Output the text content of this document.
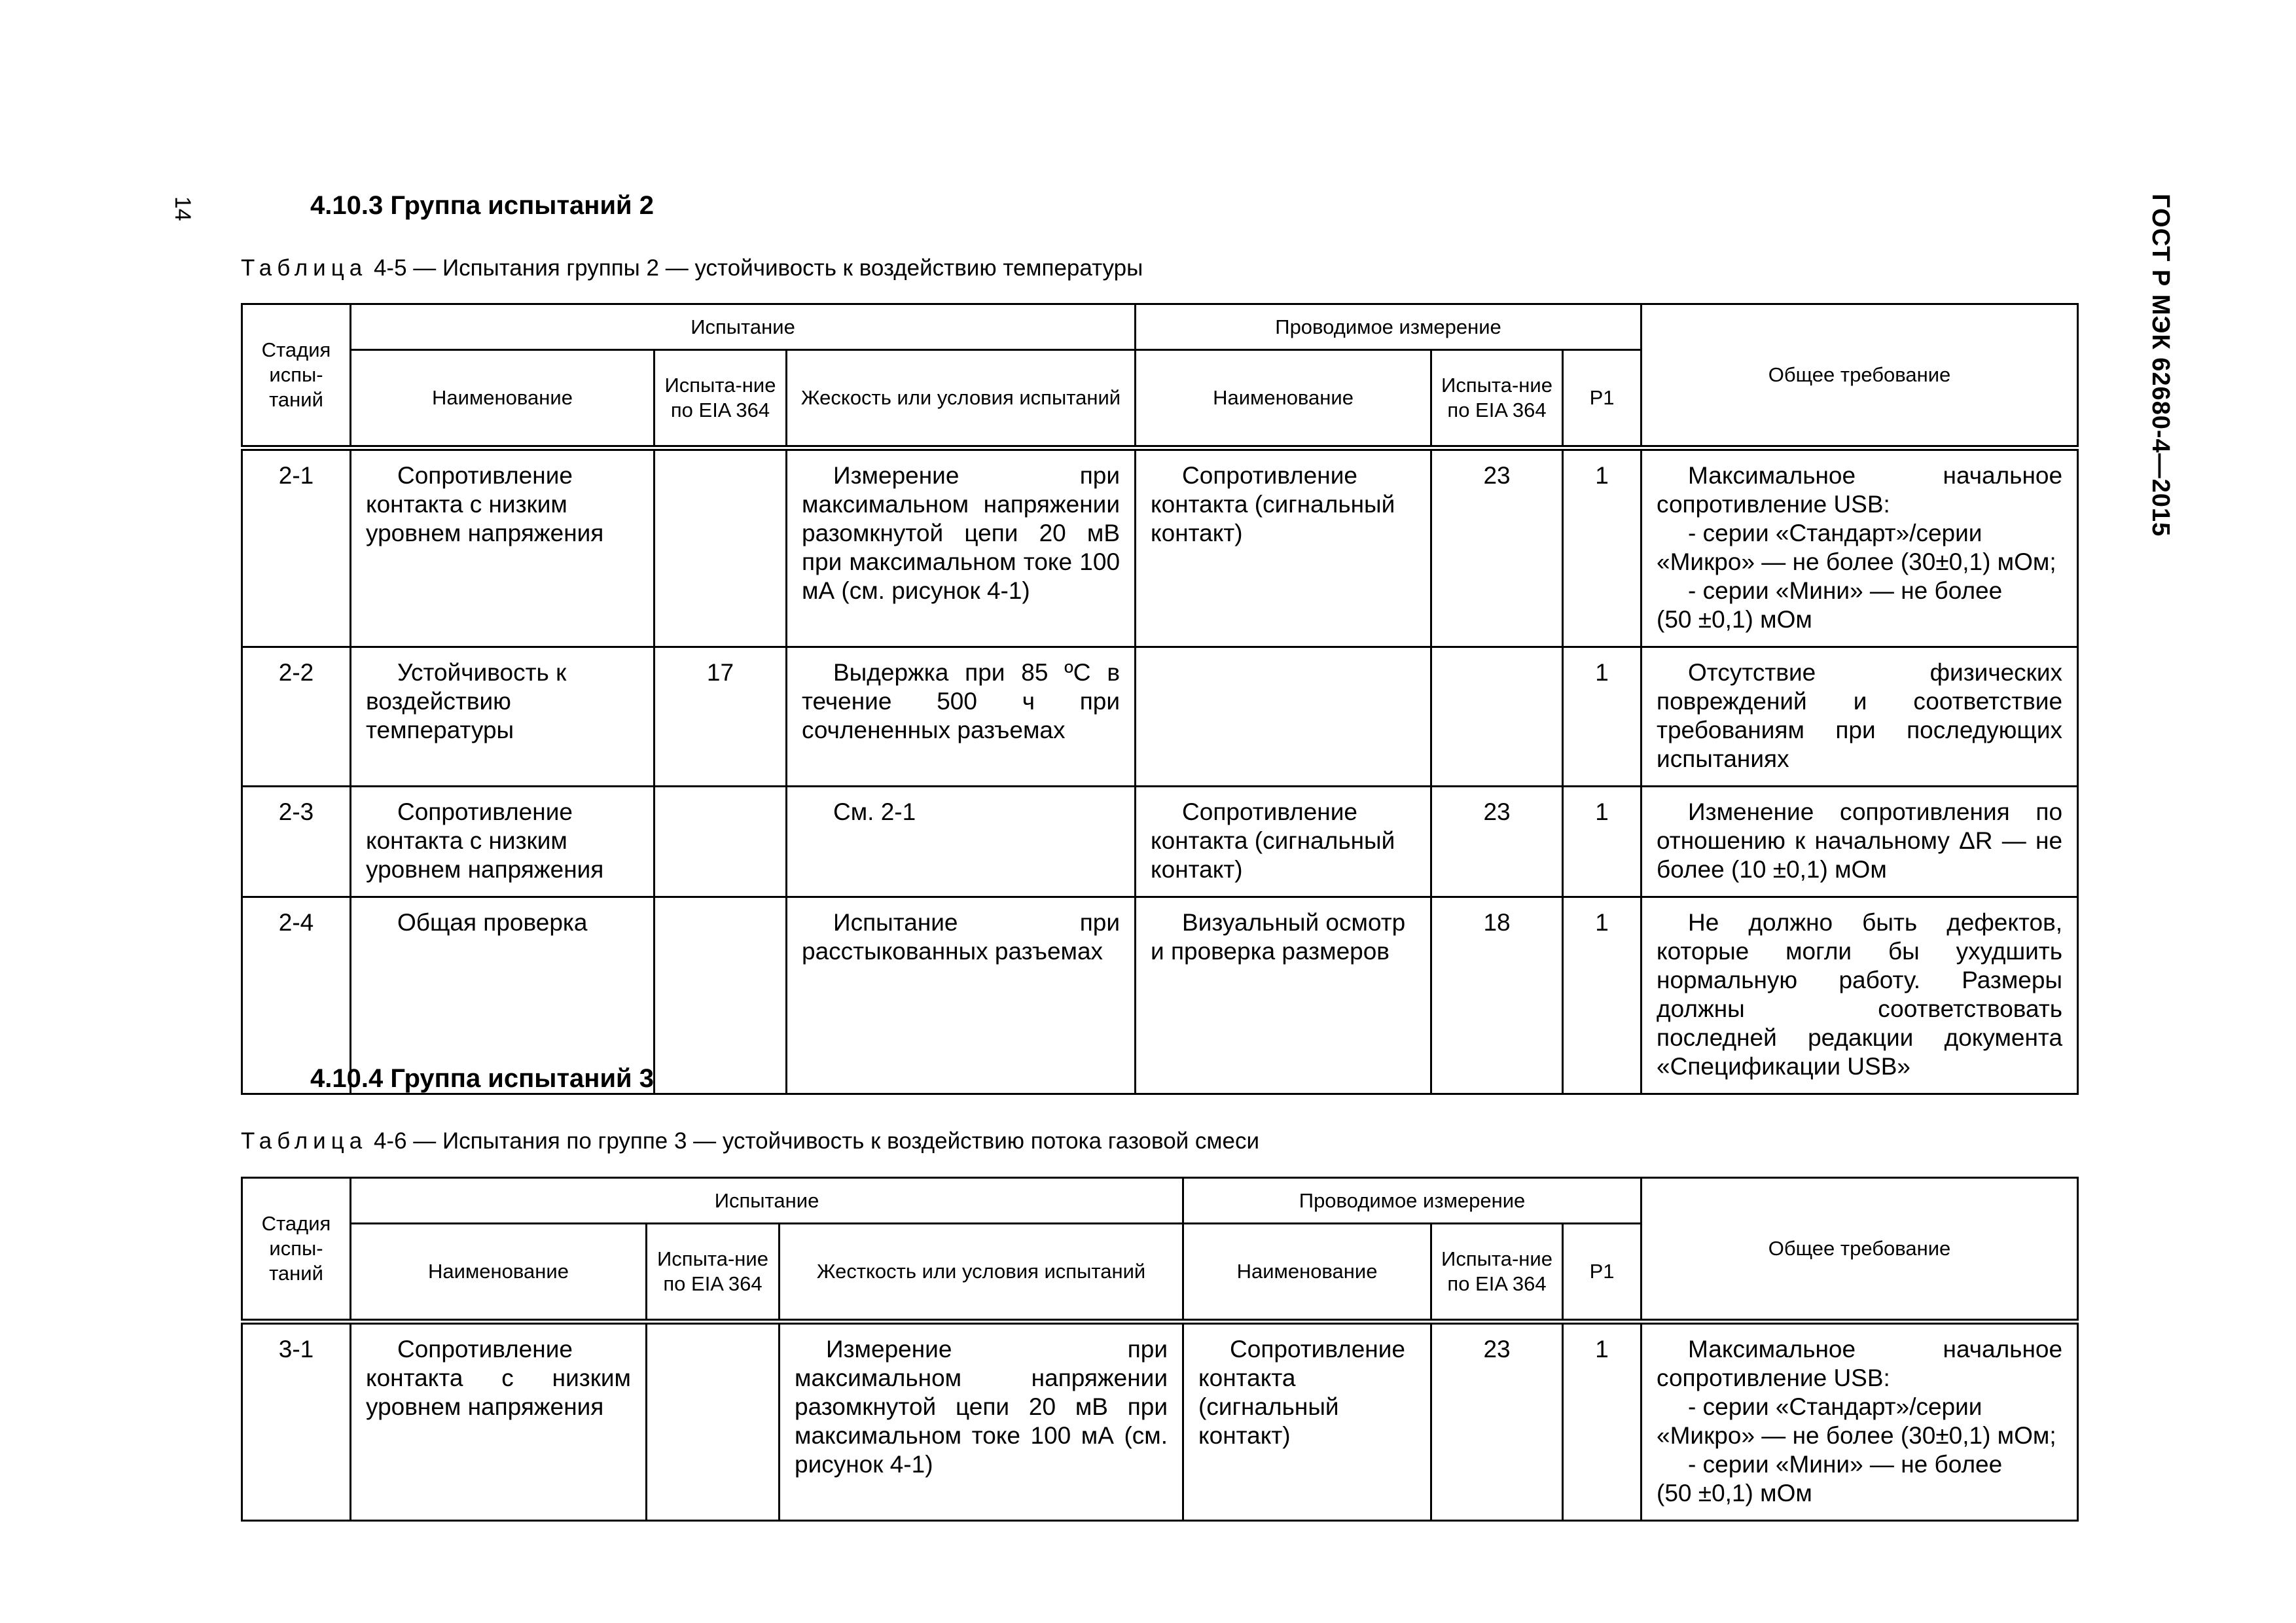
14	ГОСТ Р МЭК 62680-4—2015
4.10.3 Группа испытаний 2
Таблица 4-5 — Испытания группы 2 — устойчивость к воздействию температуры
Стадия испы-таний	Испытание			Проводимое измерение			Общее требование
	Наименование	Испыта-ние по EIA 364	Жескость или условия испытаний	Наименование	Испыта-ние по EIA 364	Р1	
2-1	Сопротивление контакта с низким уровнем напряжения		Измерение при максимальном напряжении разомкнутой цепи 20 мВ при максимальном токе 100 мА (см. рисунок 4-1)	Сопротивление контакта (сигнальный контакт)	23	1	Максимальное начальное сопротивление USB:
- серии «Стандарт»/серии
«Микро» — не более (30±0,1) мОм;
- серии «Мини» — не более
(50 ±0,1) мОм

2-2	Устойчивость к воздействию температуры	17	Выдержка при 85 ºС в течение 500 ч при сочлененных разъемах			1	Отсутствие физических повреждений и соответствие требованиям при последующих испытаниях
2-3	Сопротивление контакта с низким уровнем напряжения		См. 2-1	Сопротивление контакта (сигнальный контакт)	23	1	Изменение сопротивления по отношению к начальному ΔR — не более (10 ±0,1) мОм
2-4	Общая проверка		Испытание при расстыкованных разъемах	Визуальный осмотр и проверка размеров	18	1	Не должно быть дефектов, которые могли бы ухудшить нормальную работу. Размеры должны соответствовать последней редакции документа «Спецификации USB»
4.10.4 Группа испытаний 3
Таблица 4-6 — Испытания по группе 3 — устойчивость к воздействию потока газовой смеси
Стадия испы-таний	Испытание			Проводимое измерение			Общее требование
	Наименование	Испыта-ние по EIA 364	Жесткость или условия испытаний	Наименование	Испыта-ние по EIA 364	Р1	
3-1	Сопротивление контакта с низким уровнем напряжения		Измерение при максимальном напряжении разомкнутой цепи 20 мВ при максимальном токе 100 мА (см. рисунок 4-1)	Сопротивление контакта (сигнальный контакт)	23	1	Максимальное начальное сопротивление USB:
- серии «Стандарт»/серии
«Микро» — не более (30±0,1) мОм;
- серии «Мини» — не более
(50 ±0,1) мОм
